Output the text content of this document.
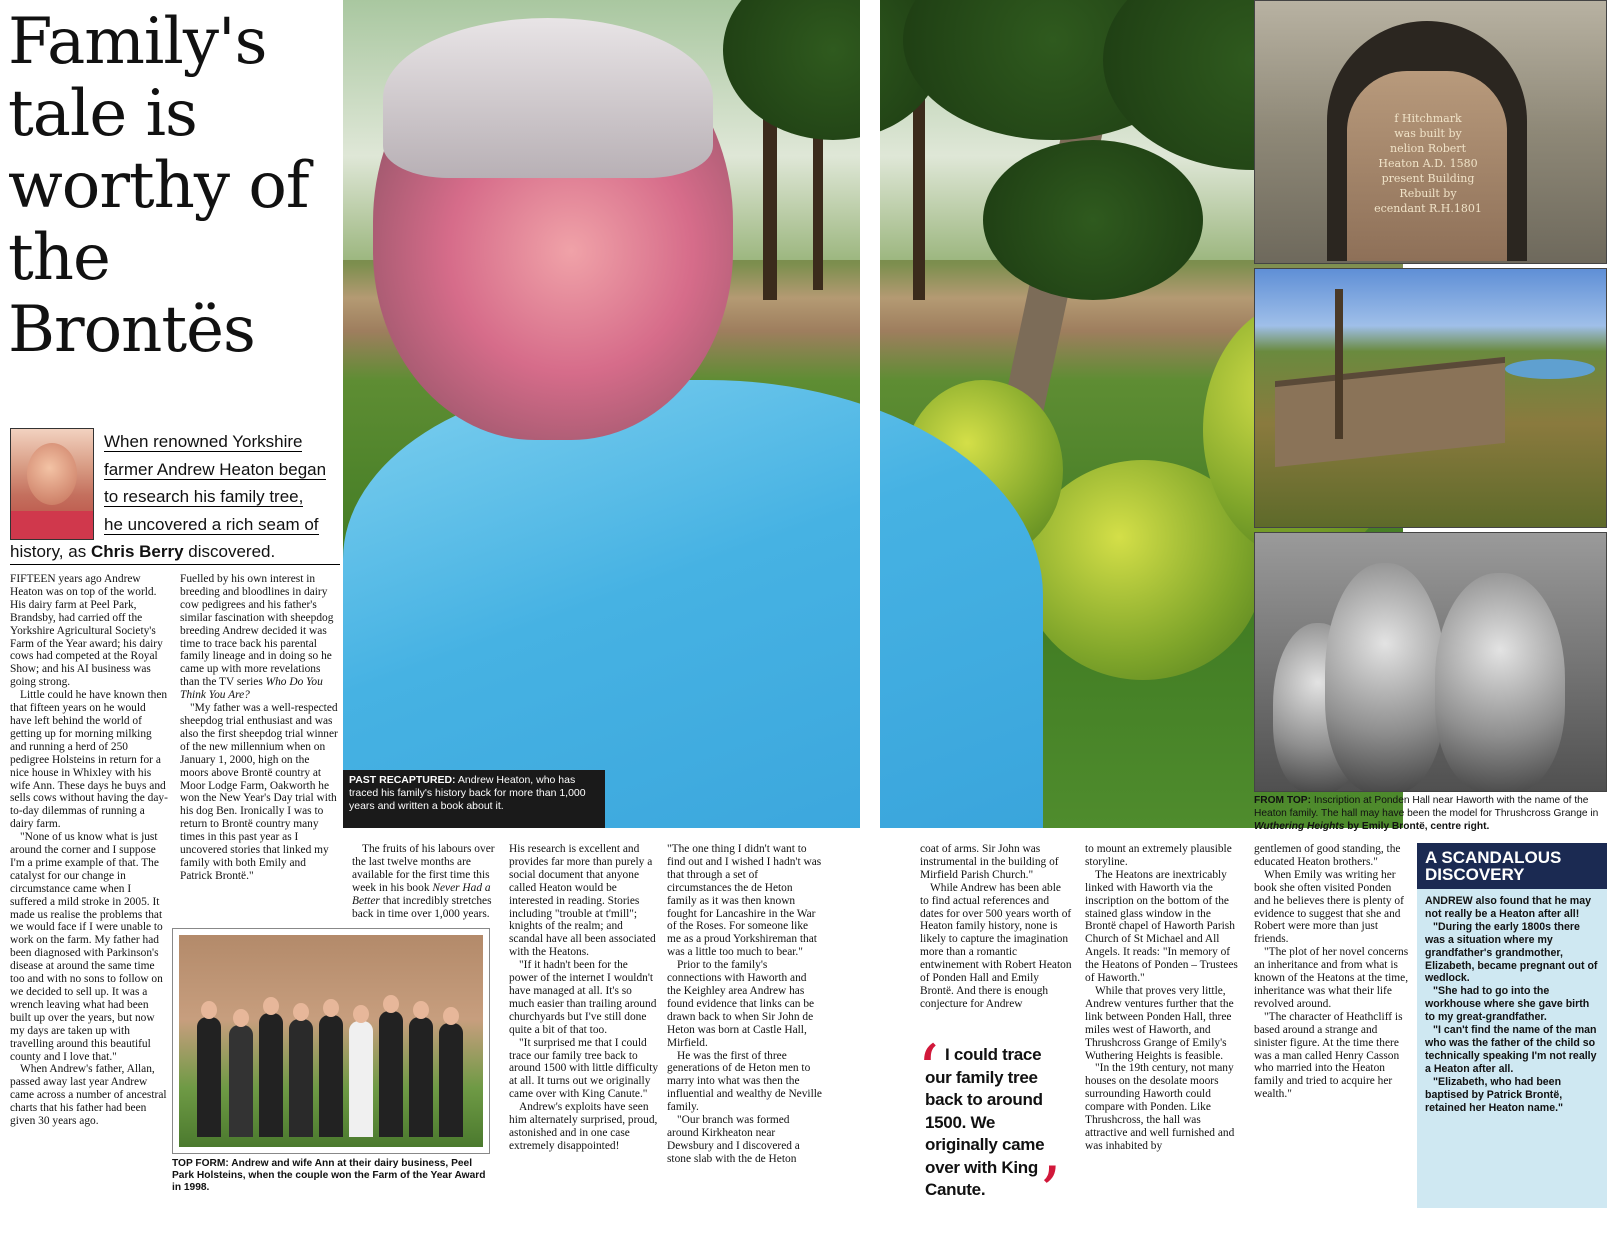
Family's tale is worthy of the Brontës
When renowned Yorkshire
farmer Andrew Heaton began
to research his family tree,
he uncovered a rich seam of
history, as Chris Berry discovered.
PAST RECAPTURED: Andrew Heaton, who has traced his family's history back for more than 1,000 years and written a book about it.
f Hitchmark
was built by
nelion Robert
Heaton A.D. 1580
present Building
Rebuilt by
ecendant R.H.1801
FROM TOP: Inscription at Ponden Hall near Haworth with the name of the Heaton family. The hall may have been the model for Thrushcross Grange in Wuthering Heights by Emily Brontë, centre right.

FIFTEEN years ago Andrew Heaton was on top of the world. His dairy farm at Peel Park, Brandsby, had carried off the Yorkshire Agricultural Society's Farm of the Year award; his dairy cows had competed at the Royal Show; and his AI business was going strong.

Little could he have known then that fifteen years on he would have left behind the world of getting up for morning milking and running a herd of 250 pedigree Holsteins in return for a nice house in Whixley with his wife Ann. These days he buys and sells cows without having the day-to-day dilemmas of running a dairy farm.

"None of us know what is just around the corner and I suppose I'm a prime example of that. The catalyst for our change in circumstance came when I suffered a mild stroke in 2005. It made us realise the problems that we would face if I were unable to work on the farm. My father had been diagnosed with Parkinson's disease at around the same time too and with no sons to follow on we decided to sell up. It was a wrench leaving what had been built up over the years, but now my days are taken up with travelling around this beautiful county and I love that."

When Andrew's father, Allan, passed away last year Andrew came across a number of ancestral charts that his father had been given 30 years ago.

Fuelled by his own interest in breeding and bloodlines in dairy cow pedigrees and his father's similar fascination with sheepdog breeding Andrew decided it was time to trace back his parental family lineage and in doing so he came up with more revelations than the TV series Who Do You Think You Are?

"My father was a well-respected sheepdog trial enthusiast and was also the first sheepdog trial winner of the new millennium when on January 1, 2000, high on the moors above Brontë country at Moor Lodge Farm, Oakworth he won the New Year's Day trial with his dog Ben. Ironically I was to return to Brontë country many times in this past year as I uncovered stories that linked my family with both Emily and Patrick Brontë."

The fruits of his labours over the last twelve months are available for the first time this week in his book Never Had a Better that incredibly stretches back in time over 1,000 years.

TOP FORM: Andrew and wife Ann at their dairy business, Peel Park Holsteins, when the couple won the Farm of the Year Award in 1998.

His research is excellent and provides far more than purely a social document that anyone called Heaton would be interested in reading. Stories including "trouble at t'mill"; knights of the realm; and scandal have all been associated with the Heatons.

"If it hadn't been for the power of the internet I wouldn't have managed at all. It's so much easier than trailing around churchyards but I've still done quite a bit of that too.

"It surprised me that I could trace our family tree back to around 1500 with little difficulty at all. It turns out we originally came over with King Canute."

Andrew's exploits have seen him alternately surprised, proud, astonished and in one case extremely disappointed!

"The one thing I didn't want to find out and I wished I hadn't was that through a set of circumstances the de Heton family as it was then known fought for Lancashire in the War of the Roses. For someone like me as a proud Yorkshireman that was a little too much to bear."

Prior to the family's connections with Haworth and the Keighley area Andrew has found evidence that links can be drawn back to when Sir John de Heton was born at Castle Hall, Mirfield.

He was the first of three generations of de Heton men to marry into what was then the influential and wealthy de Neville family.

"Our branch was formed around Kirkheaton near Dewsbury and I discovered a stone slab with the de Heton

coat of arms. Sir John was instrumental in the building of Mirfield Parish Church."

While Andrew has been able to find actual references and dates for over 500 years worth of Heaton family history, none is likely to capture the imagination more than a romantic entwinement with Robert Heaton of Ponden Hall and Emily Brontë. And there is enough conjecture for Andrew

‘ I could trace our family tree back to around 1500. We originally came over with King Canute. ’

to mount an extremely plausible storyline.

The Heatons are inextricably linked with Haworth via the inscription on the bottom of the stained glass window in the Brontë chapel of Haworth Parish Church of St Michael and All Angels. It reads: "In memory of the Heatons of Ponden – Trustees of Haworth."

While that proves very little, Andrew ventures further that the link between Ponden Hall, three miles west of Haworth, and Thrushcross Grange of Emily's Wuthering Heights is feasible.

"In the 19th century, not many houses on the desolate moors surrounding Haworth could compare with Ponden. Like Thrushcross, the hall was attractive and well furnished and was inhabited by

gentlemen of good standing, the educated Heaton brothers."

When Emily was writing her book she often visited Ponden and he believes there is plenty of evidence to suggest that she and Robert were more than just friends.

"The plot of her novel concerns an inheritance and from what is known of the Heatons at the time, inheritance was what their life revolved around.

"The character of Heathcliff is based around a strange and sinister figure. At the time there was a man called Henry Casson who married into the Heaton family and tried to acquire her wealth."

A SCANDALOUS DISCOVERY

ANDREW also found that he may not really be a Heaton after all!

"During the early 1800s there was a situation where my grandfather's grandmother, Elizabeth, became pregnant out of wedlock.

"She had to go into the workhouse where she gave birth to my great-grandfather.

"I can't find the name of the man who was the father of the child so technically speaking I'm not really a Heaton after all.

"Elizabeth, who had been baptised by Patrick Brontë, retained her Heaton name."
